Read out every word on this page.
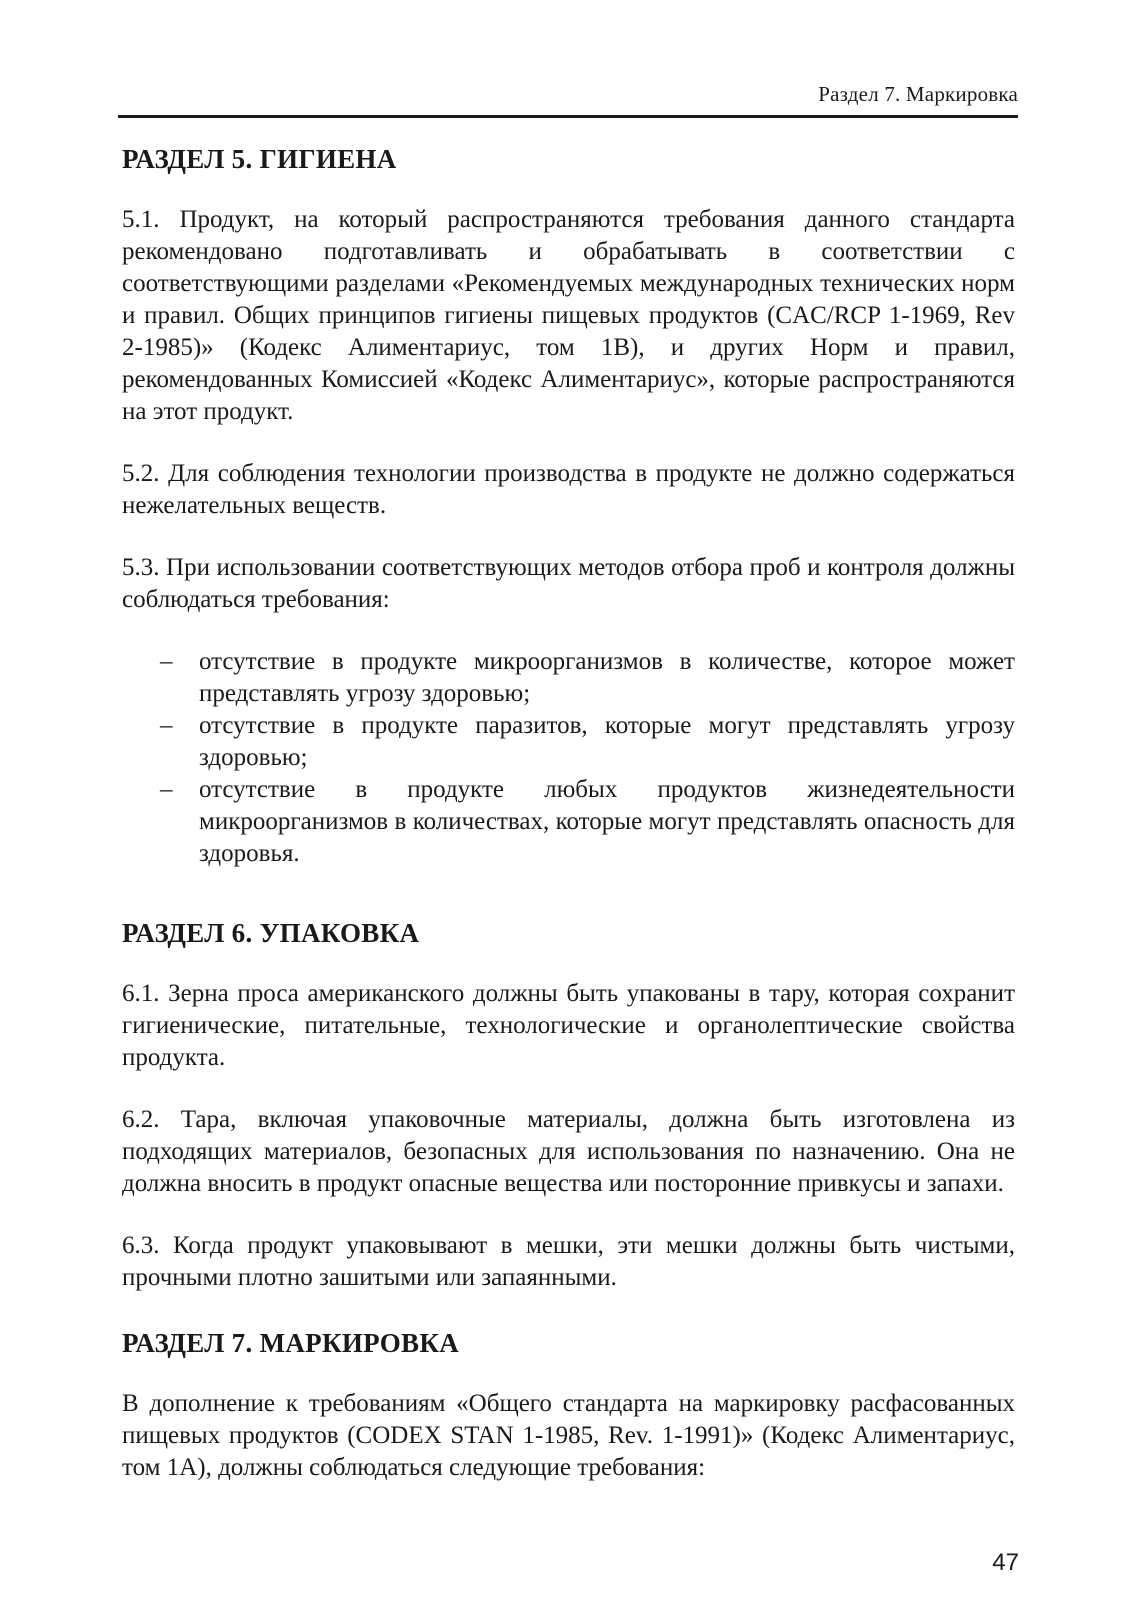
Раздел 7. Маркировка
РАЗДЕЛ 5. ГИГИЕНА

5.1. Продукт, на который распространяются требования данного стандарта рекомендовано подготавливать и обрабатывать в соответствии с соответствующими разделами «Рекомендуемых международных технических норм и правил. Общих принципов гигиены пищевых продуктов (CAC/RCP 1-1969, Rev 2-1985)» (Кодекс Алиментариус, том 1В), и других Норм и правил, рекомендованных Комиссией «Кодекс Алиментариус», которые распространяются на этот продукт.

5.2. Для соблюдения технологии производства в продукте не должно содержаться нежелательных веществ.

5.3. При использовании соответствующих методов отбора проб и контроля должны соблюдаться требования:

– отсутствие в продукте микроорганизмов в количестве, которое может представлять угрозу здоровью;
– отсутствие в продукте паразитов, которые могут представлять угрозу здоровью;
– отсутствие в продукте любых продуктов жизнедеятельности микроорганизмов в количествах, которые могут представлять опасность для здоровья.
РАЗДЕЛ 6. УПАКОВКА

6.1. Зерна проса американского должны быть упакованы в тару, которая сохранит гигиенические, питательные, технологические и органолептические свойства продукта.

6.2. Тара, включая упаковочные материалы, должна быть изготовлена из подходящих материалов, безопасных для использования по назначению. Она не должна вносить в продукт опасные вещества или посторонние привкусы и запахи.

6.3. Когда продукт упаковывают в мешки, эти мешки должны быть чистыми, прочными плотно зашитыми или запаянными.

РАЗДЕЛ 7. МАРКИРОВКА

В дополнение к требованиям «Общего стандарта на маркировку расфасованных пищевых продуктов (CODEX STAN 1-1985, Rev. 1-1991)» (Кодекс Алиментариус, том 1А), должны соблюдаться следующие требования:

47
